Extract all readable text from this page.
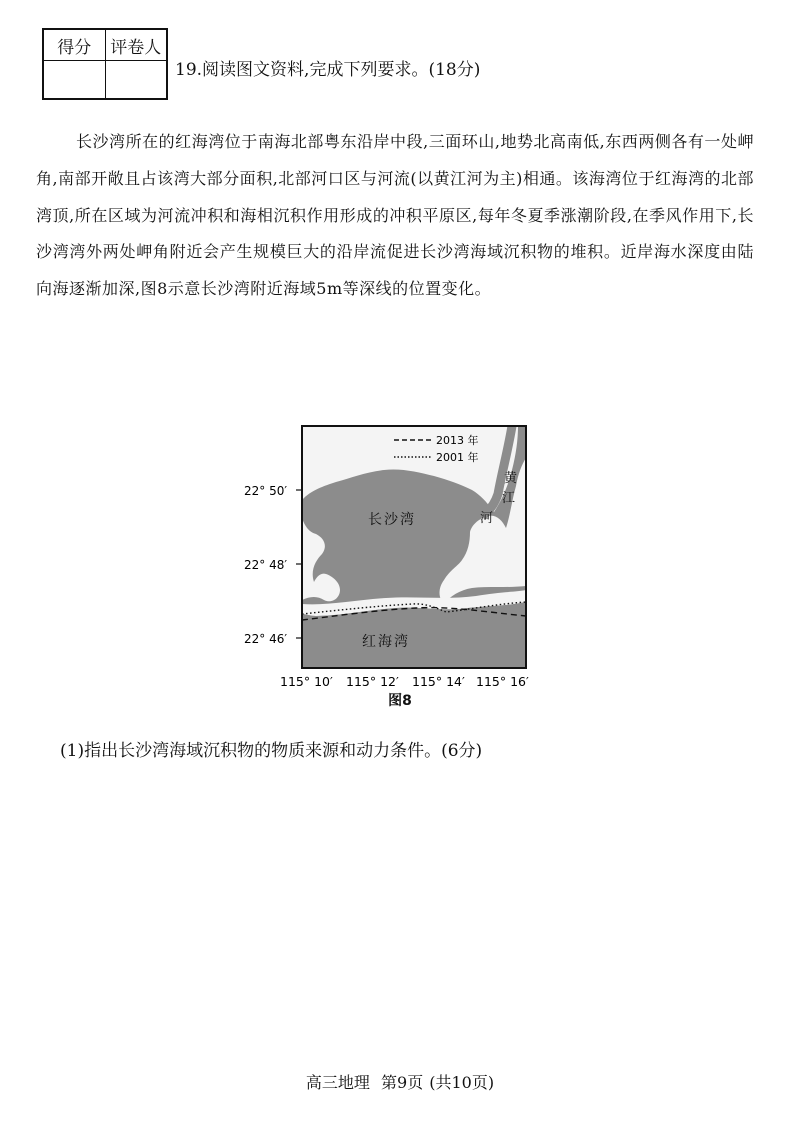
得分	评卷人

19.阅读图文资料,完成下列要求。(18分)

长沙湾所在的红海湾位于南海北部粤东沿岸中段,三面环山,地势北高南低,东西两侧各有一处岬角,南部开敞且占该湾大部分面积,北部河口区与河流(以黄江河为主)相通。该海湾位于红海湾的北部湾顶,所在区域为河流冲积和海相沉积作用形成的冲积平原区,每年冬夏季涨潮阶段,在季风作用下,长沙湾湾外两处岬角附近会产生规模巨大的沿岸流促进长沙湾海域沉积物的堆积。近岸海水深度由陆向海逐渐加深,图8示意长沙湾附近海域5m等深线的位置变化。

2013 年
2001 年
长沙湾
红海湾
黄
江
河
22° 50′
22° 48′
22° 46′
115° 10′ 115° 12′ 115° 14′ 115° 16′
图8
(1)指出长沙湾海域沉积物的物质来源和动力条件。(6分)
高三地理 第9页 (共10页)
